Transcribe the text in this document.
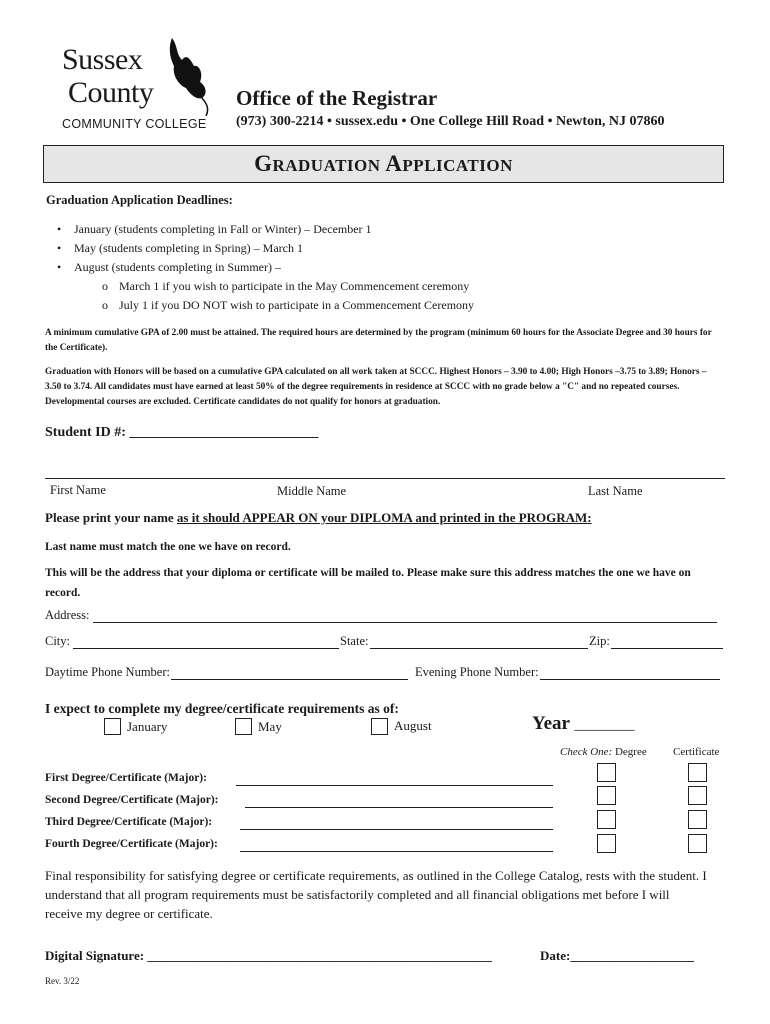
Sussex
County
COMMUNITY COLLEGE
Office of the Registrar
(973) 300-2214 • sussex.edu • One College Hill Road • Newton, NJ 07860
GRADUATION APPLICATION
Graduation Application Deadlines:
• January (students completing in Fall or Winter) – December 1
• May (students completing in Spring) – March 1
• August (students completing in Summer) –
o March 1 if you wish to participate in the May Commencement ceremony
o July 1 if you DO NOT wish to participate in a Commencement Ceremony
A minimum cumulative GPA of 2.00 must be attained. The required hours are determined by the program (minimum 60 hours for the Associate Degree and 30 hours for the Certificate).
Graduation with Honors will be based on a cumulative GPA calculated on all work taken at SCCC. Highest Honors – 3.90 to 4.00; High Honors –3.75 to 3.89; Honors – 3.50 to 3.74. All candidates must have earned at least 50% of the degree requirements in residence at SCCC with no grade below a "C" and no repeated courses. Developmental courses are excluded. Certificate candidates do not qualify for honors at graduation.
Student ID #: ___________________________
First Name	Middle Name	Last Name
Please print your name as it should APPEAR ON your DIPLOMA and printed in the PROGRAM:
Last name must match the one we have on record.
This will be the address that your diploma or certificate will be mailed to. Please make sure this address matches the one we have on record.
Address:
City:	State:	Zip:
Daytime Phone Number:	Evening Phone Number:
I expect to complete my degree/certificate requirements as of:
January	May	August	Year ________
Check One: Degree Certificate
First Degree/Certificate (Major):
Second Degree/Certificate (Major):
Third Degree/Certificate (Major):
Fourth Degree/Certificate (Major):
Final responsibility for satisfying degree or certificate requirements, as outlined in the College Catalog, rests with the student. I understand that all program requirements must be satisfactorily completed and all financial obligations met before I will receive my degree or certificate.
Digital Signature: _____________________________________________________	Date:___________________
Rev. 3/22
